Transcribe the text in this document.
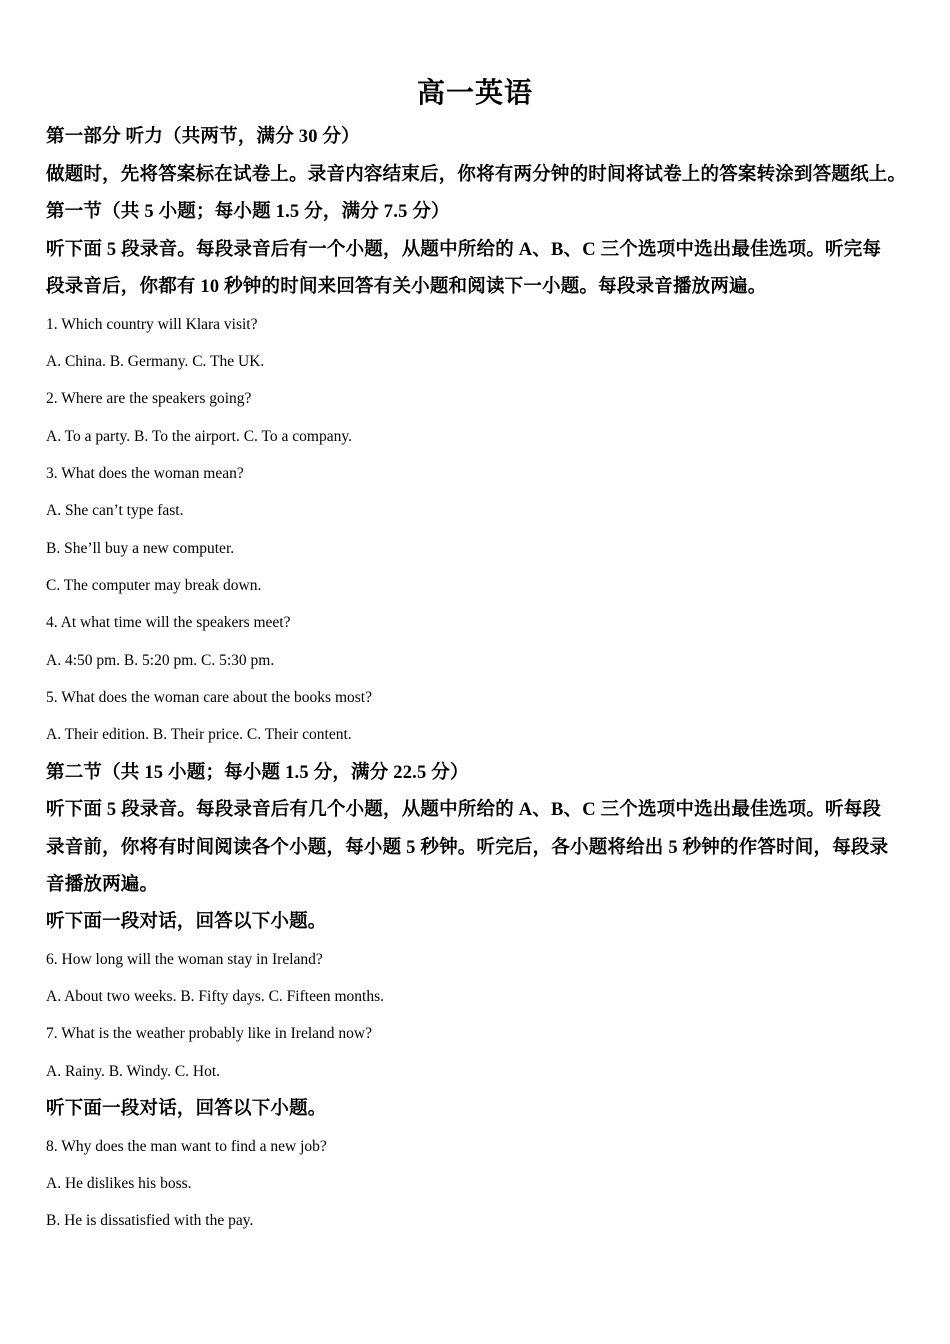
高一英语
第一部分 听力（共两节，满分 30 分）
做题时，先将答案标在试卷上。录音内容结束后，你将有两分钟的时间将试卷上的答案转涂到答题纸上。
第一节（共 5 小题；每小题 1.5 分，满分 7.5 分）
听下面 5 段录音。每段录音后有一个小题，从题中所给的 A、B、C 三个选项中选出最佳选项。听完每
段录音后，你都有 10 秒钟的时间来回答有关小题和阅读下一小题。每段录音播放两遍。
1. Which country will Klara visit?
A. China. B. Germany. C. The UK.
2. Where are the speakers going?
A. To a party. B. To the airport. C. To a company.
3. What does the woman mean?
A. She can’t type fast.
B. She’ll buy a new computer.
C. The computer may break down.
4. At what time will the speakers meet?
A. 4:50 pm. B. 5:20 pm. C. 5:30 pm.
5. What does the woman care about the books most?
A. Their edition. B. Their price. C. Their content.
第二节（共 15 小题；每小题 1.5 分，满分 22.5 分）
听下面 5 段录音。每段录音后有几个小题，从题中所给的 A、B、C 三个选项中选出最佳选项。听每段
录音前，你将有时间阅读各个小题，每小题 5 秒钟。听完后，各小题将给出 5 秒钟的作答时间，每段录
音播放两遍。
听下面一段对话，回答以下小题。
6. How long will the woman stay in Ireland?
A. About two weeks. B. Fifty days. C. Fifteen months.
7. What is the weather probably like in Ireland now?
A. Rainy. B. Windy. C. Hot.
听下面一段对话，回答以下小题。
8. Why does the man want to find a new job?
A. He dislikes his boss.
B. He is dissatisfied with the pay.
